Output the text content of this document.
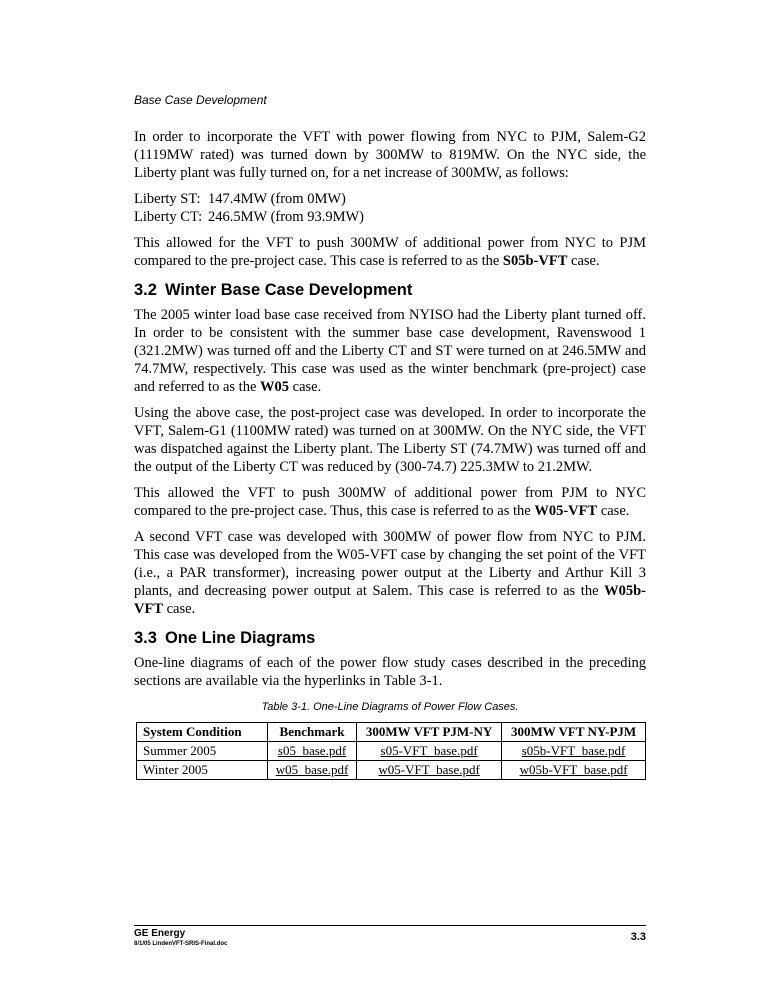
Base Case Development

In order to incorporate the VFT with power flowing from NYC to PJM, Salem-G2 (1119MW rated) was turned down by 300MW to 819MW. On the NYC side, the Liberty plant was fully turned on, for a net increase of 300MW, as follows:

Liberty ST: 147.4MW (from 0MW)
Liberty CT: 246.5MW (from 93.9MW)

This allowed for the VFT to push 300MW of additional power from NYC to PJM compared to the pre-project case. This case is referred to as the S05b-VFT case.

3.2 Winter Base Case Development

The 2005 winter load base case received from NYISO had the Liberty plant turned off. In order to be consistent with the summer base case development, Ravenswood 1 (321.2MW) was turned off and the Liberty CT and ST were turned on at 246.5MW and 74.7MW, respectively. This case was used as the winter benchmark (pre-project) case and referred to as the W05 case.

Using the above case, the post-project case was developed. In order to incorporate the VFT, Salem-G1 (1100MW rated) was turned on at 300MW. On the NYC side, the VFT was dispatched against the Liberty plant. The Liberty ST (74.7MW) was turned off and the output of the Liberty CT was reduced by (300-74.7) 225.3MW to 21.2MW.

This allowed the VFT to push 300MW of additional power from PJM to NYC compared to the pre-project case. Thus, this case is referred to as the W05-VFT case.

A second VFT case was developed with 300MW of power flow from NYC to PJM. This case was developed from the W05-VFT case by changing the set point of the VFT (i.e., a PAR transformer), increasing power output at the Liberty and Arthur Kill 3 plants, and decreasing power output at Salem. This case is referred to as the W05b-VFT case.

3.3 One Line Diagrams

One-line diagrams of each of the power flow study cases described in the preceding sections are available via the hyperlinks in Table 3-1.

Table 3-1. One-Line Diagrams of Power Flow Cases.
System Condition	Benchmark	300MW VFT PJM-NY	300MW VFT NY-PJM
Summer 2005	s05_base.pdf	s05-VFT_base.pdf	s05b-VFT_base.pdf
Winter 2005	w05_base.pdf	w05-VFT_base.pdf	w05b-VFT_base.pdf
GE Energy
8/1/05 LindenVFT-SRIS-Final.doc
3.3
